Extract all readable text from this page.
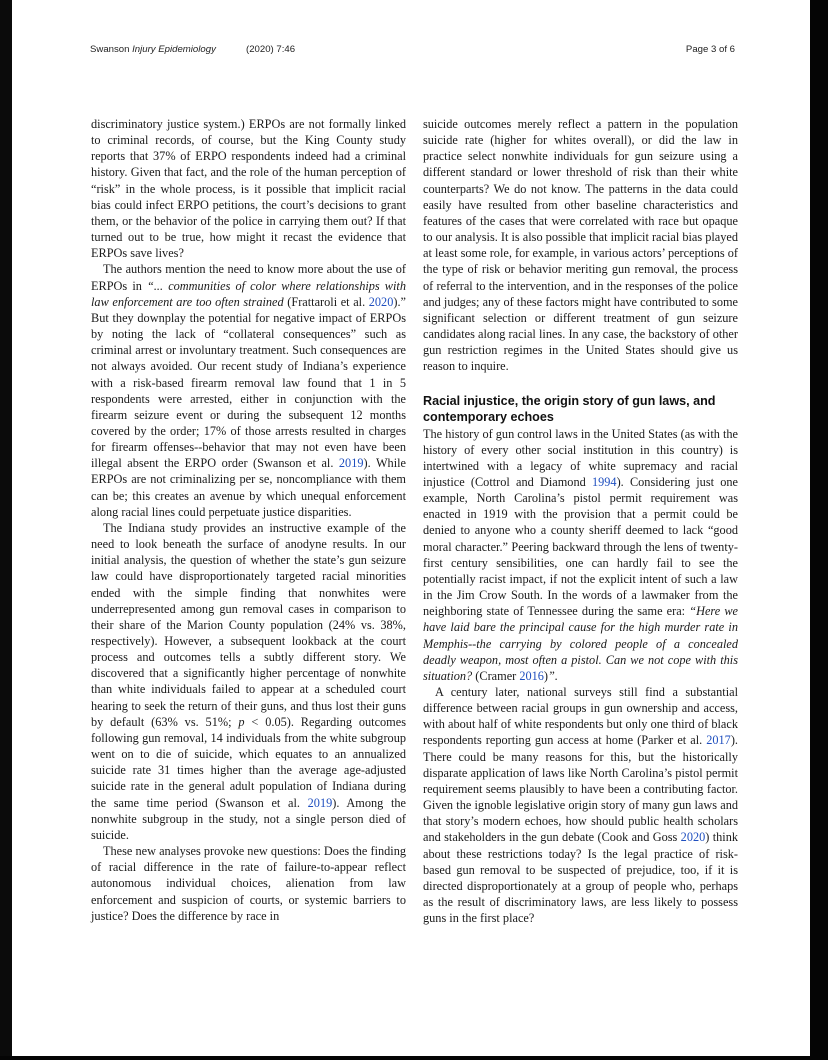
Swanson Injury Epidemiology	(2020) 7:46	Page 3 of 6

discriminatory justice system.) ERPOs are not formally linked to criminal records, of course, but the King County study reports that 37% of ERPO respondents indeed had a criminal history. Given that fact, and the role of the human perception of “risk” in the whole process, is it possible that implicit racial bias could infect ERPO petitions, the court’s decisions to grant them, or the behavior of the police in carrying them out? If that turned out to be true, how might it recast the evidence that ERPOs save lives?

The authors mention the need to know more about the use of ERPOs in “... communities of color where relationships with law enforcement are too often strained (Frattaroli et al. 2020).” But they downplay the potential for negative impact of ERPOs by noting the lack of “collateral consequences” such as criminal arrest or involuntary treatment. Such consequences are not always avoided. Our recent study of Indiana’s experience with a risk-based firearm removal law found that 1 in 5 respondents were arrested, either in conjunction with the firearm seizure event or during the subsequent 12 months covered by the order; 17% of those arrests resulted in charges for firearm offenses--behavior that may not even have been illegal absent the ERPO order (Swanson et al. 2019). While ERPOs are not criminalizing per se, noncompliance with them can be; this creates an avenue by which unequal enforcement along racial lines could perpetuate justice disparities.

The Indiana study provides an instructive example of the need to look beneath the surface of anodyne results. In our initial analysis, the question of whether the state’s gun seizure law could have disproportionately targeted racial minorities ended with the simple finding that nonwhites were underrepresented among gun removal cases in comparison to their share of the Marion County population (24% vs. 38%, respectively). However, a subsequent lookback at the court process and outcomes tells a subtly different story. We discovered that a significantly higher percentage of nonwhite than white individuals failed to appear at a scheduled court hearing to seek the return of their guns, and thus lost their guns by default (63% vs. 51%; p < 0.05). Regarding outcomes following gun removal, 14 individuals from the white subgroup went on to die of suicide, which equates to an annualized suicide rate 31 times higher than the average age-adjusted suicide rate in the general adult population of Indiana during the same time period (Swanson et al. 2019). Among the nonwhite subgroup in the study, not a single person died of suicide.

These new analyses provoke new questions: Does the finding of racial difference in the rate of failure-to-appear reflect autonomous individual choices, alienation from law enforcement and suspicion of courts, or systemic barriers to justice? Does the difference by race in

suicide outcomes merely reflect a pattern in the population suicide rate (higher for whites overall), or did the law in practice select nonwhite individuals for gun seizure using a different standard or lower threshold of risk than their white counterparts? We do not know. The patterns in the data could easily have resulted from other baseline characteristics and features of the cases that were correlated with race but opaque to our analysis. It is also possible that implicit racial bias played at least some role, for example, in various actors’ perceptions of the type of risk or behavior meriting gun removal, the process of referral to the intervention, and in the responses of the police and judges; any of these factors might have contributed to some significant selection or different treatment of gun seizure candidates along racial lines. In any case, the backstory of other gun restriction regimes in the United States should give us reason to inquire.

Racial injustice, the origin story of gun laws, and contemporary echoes

The history of gun control laws in the United States (as with the history of every other social institution in this country) is intertwined with a legacy of white supremacy and racial injustice (Cottrol and Diamond 1994). Considering just one example, North Carolina’s pistol permit requirement was enacted in 1919 with the provision that a permit could be denied to anyone who a county sheriff deemed to lack “good moral character.” Peering backward through the lens of twenty-first century sensibilities, one can hardly fail to see the potentially racist impact, if not the explicit intent of such a law in the Jim Crow South. In the words of a lawmaker from the neighboring state of Tennessee during the same era: “Here we have laid bare the principal cause for the high murder rate in Memphis--the carrying by colored people of a concealed deadly weapon, most often a pistol. Can we not cope with this situation? (Cramer 2016)”.

A century later, national surveys still find a substantial difference between racial groups in gun ownership and access, with about half of white respondents but only one third of black respondents reporting gun access at home (Parker et al. 2017). There could be many reasons for this, but the historically disparate application of laws like North Carolina’s pistol permit requirement seems plausibly to have been a contributing factor. Given the ignoble legislative origin story of many gun laws and that story’s modern echoes, how should public health scholars and stakeholders in the gun debate (Cook and Goss 2020) think about these restrictions today? Is the legal practice of risk-based gun removal to be suspected of prejudice, too, if it is directed disproportionately at a group of people who, perhaps as the result of discriminatory laws, are less likely to possess guns in the first place?
